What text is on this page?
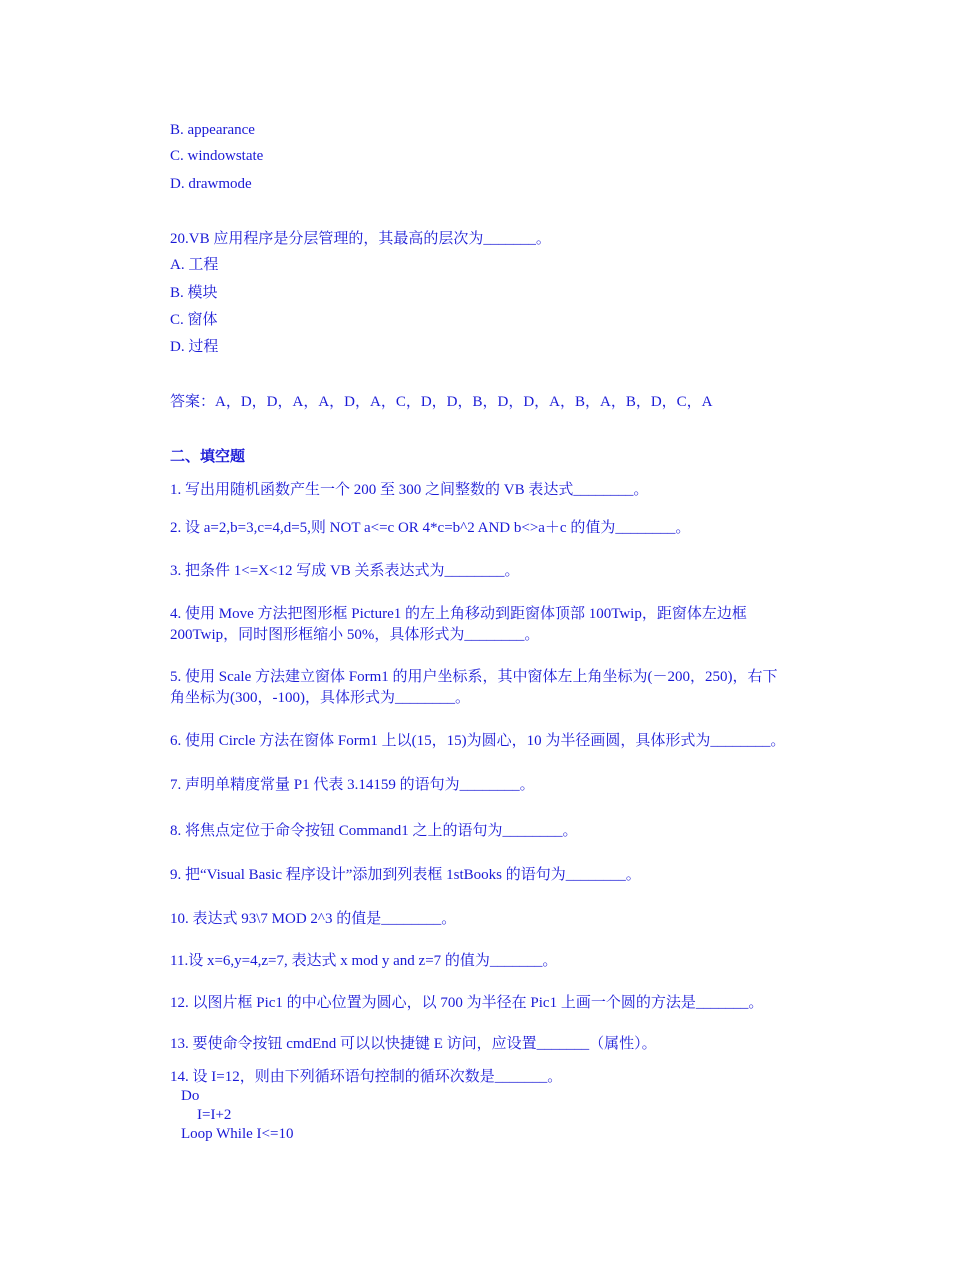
B. appearance
C. windowstate
D. drawmode
20.VB 应用程序是分层管理的，其最高的层次为_______。
A. 工程
B. 模块
C. 窗体
D. 过程
答案：A，D，D，A，A，D，A，C，D，D，B，D，D，A，B，A，B，D，C，A
二、填空题
1. 写出用随机函数产生一个 200 至 300 之间整数的 VB 表达式________。
2. 设 a=2,b=3,c=4,d=5,则 NOT a<=c OR 4*c=b^2 AND b<>a＋c 的值为________。
3. 把条件 1<=X<12 写成 VB 关系表达式为________。
4. 使用 Move 方法把图形框 Picture1 的左上角移动到距窗体顶部 100Twip，距窗体左边框
200Twip，同时图形框缩小 50%，具体形式为________。
5. 使用 Scale 方法建立窗体 Form1 的用户坐标系，其中窗体左上角坐标为(－200，250)，右下
角坐标为(300，-100)，具体形式为________。
6. 使用 Circle 方法在窗体 Form1 上以(15，15)为圆心，10 为半径画圆，具体形式为________。
7. 声明单精度常量 P1 代表 3.14159 的语句为________。
8. 将焦点定位于命令按钮 Command1 之上的语句为________。
9. 把“Visual Basic 程序设计”添加到列表框 1stBooks 的语句为________。
10. 表达式 93\7 MOD 2^3 的值是________。
11.设 x=6,y=4,z=7, 表达式 x mod y and z=7 的值为_______。
12. 以图片框 Pic1 的中心位置为圆心，以 700 为半径在 Pic1 上画一个圆的方法是_______。
13. 要使命令按钮 cmdEnd 可以以快捷键 E 访问，应设置_______（属性）。
14. 设 I=12，则由下列循环语句控制的循环次数是_______。
Do
I=I+2
Loop While I<=10
